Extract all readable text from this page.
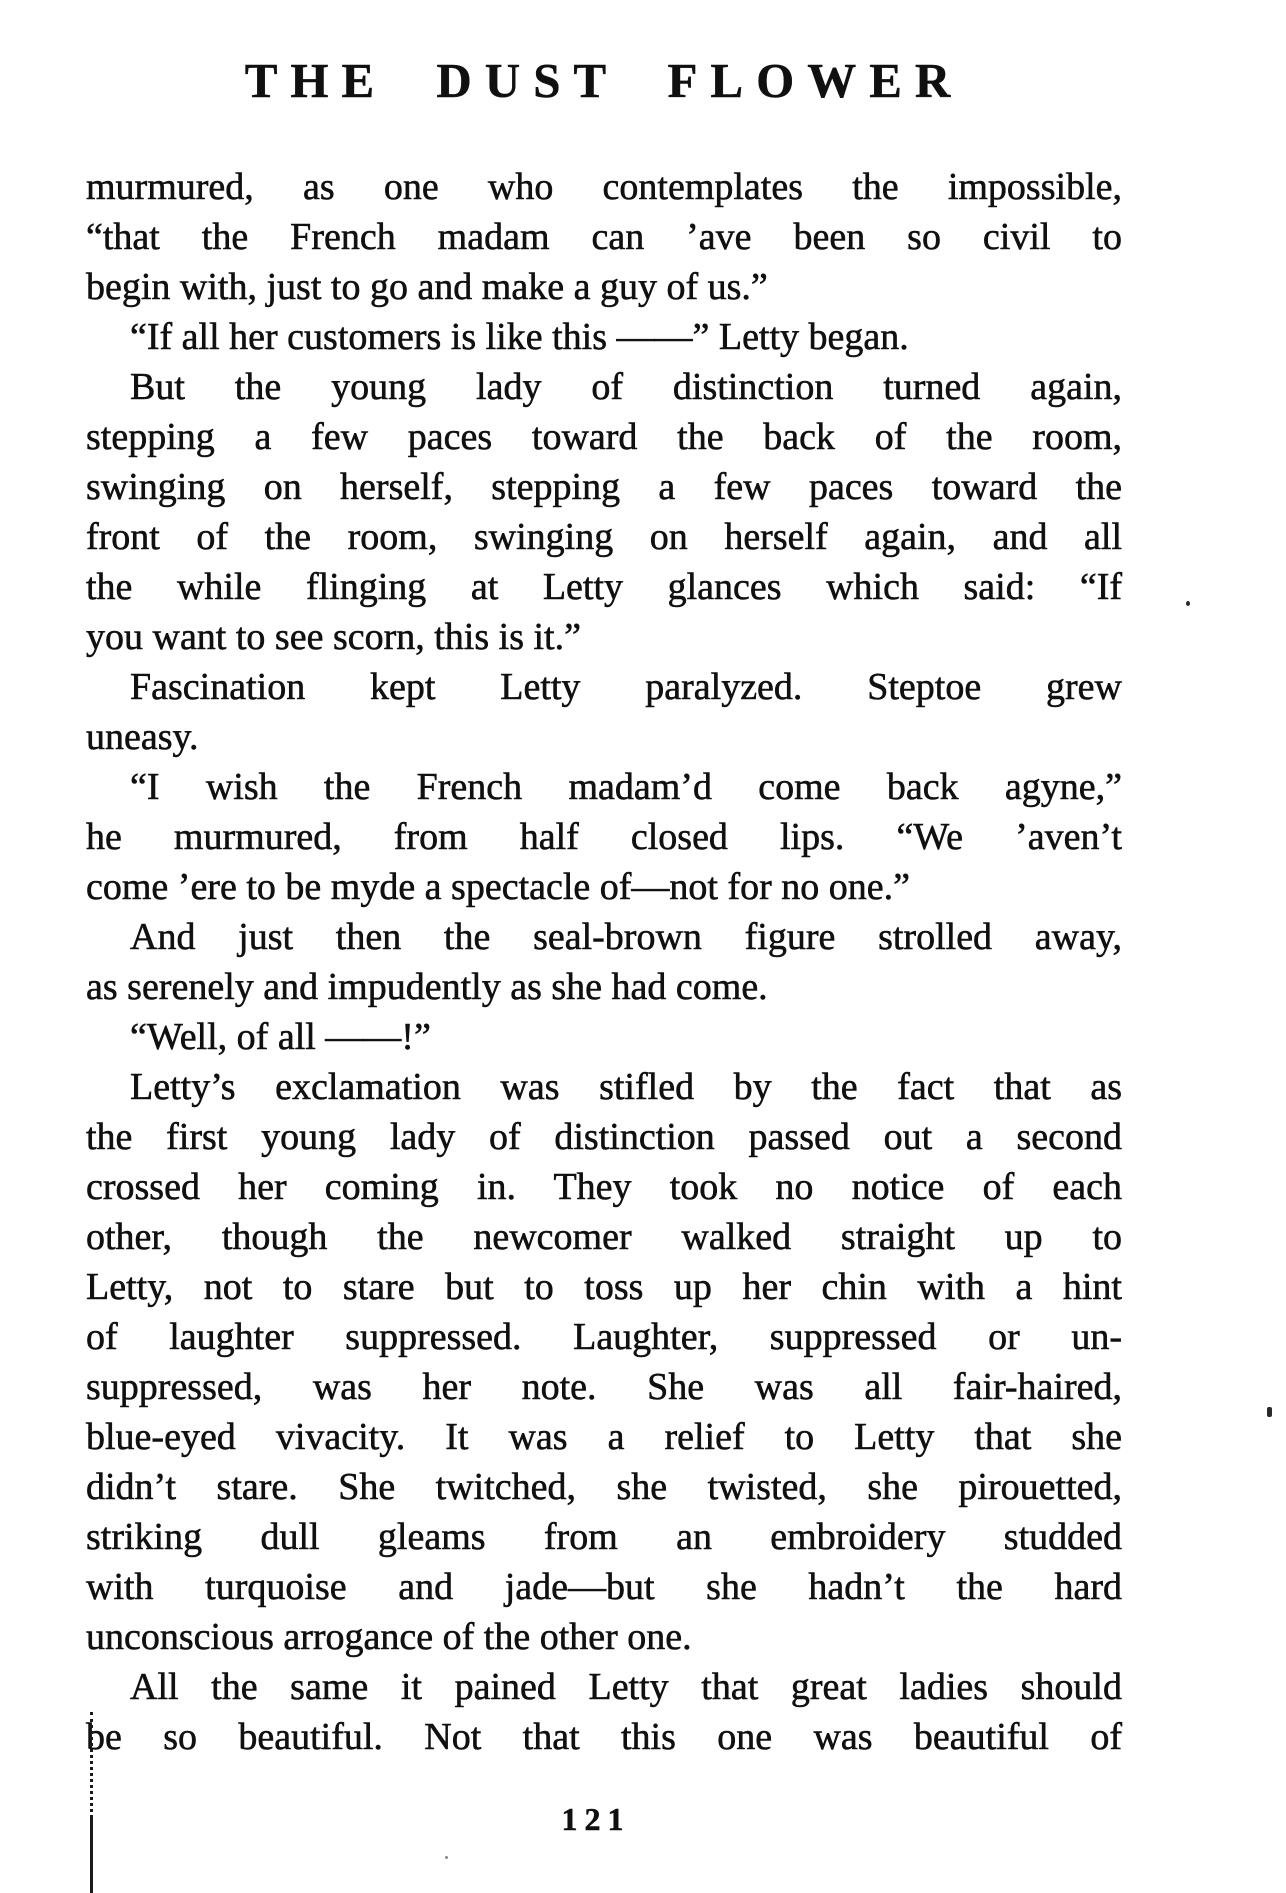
THE DUST FLOWER
murmured, as one who contemplates the impossible,
“that the French madam can ’ave been so civil to
begin with, just to go and make a guy of us.”
“If all her customers is like this ——” Letty began.
But the young lady of distinction turned again,
stepping a few paces toward the back of the room,
swinging on herself, stepping a few paces toward the
front of the room, swinging on herself again, and all
the while flinging at Letty glances which said: “If
you want to see scorn, this is it.”
Fascination kept Letty paralyzed. Steptoe grew
uneasy.
“I wish the French madam’d come back agyne,”
he murmured, from half closed lips. “We ’aven’t
come ’ere to be myde a spectacle of—not for no one.”
And just then the seal-brown figure strolled away,
as serenely and impudently as she had come.
“Well, of all ——!”
Letty’s exclamation was stifled by the fact that as
the first young lady of distinction passed out a second
crossed her coming in. They took no notice of each
other, though the newcomer walked straight up to
Letty, not to stare but to toss up her chin with a hint
of laughter suppressed. Laughter, suppressed or un-
suppressed, was her note. She was all fair-haired,
blue-eyed vivacity. It was a relief to Letty that she
didn’t stare. She twitched, she twisted, she pirouetted,
striking dull gleams from an embroidery studded
with turquoise and jade—but she hadn’t the hard
unconscious arrogance of the other one.
All the same it pained Letty that great ladies should
be so beautiful. Not that this one was beautiful of
121
